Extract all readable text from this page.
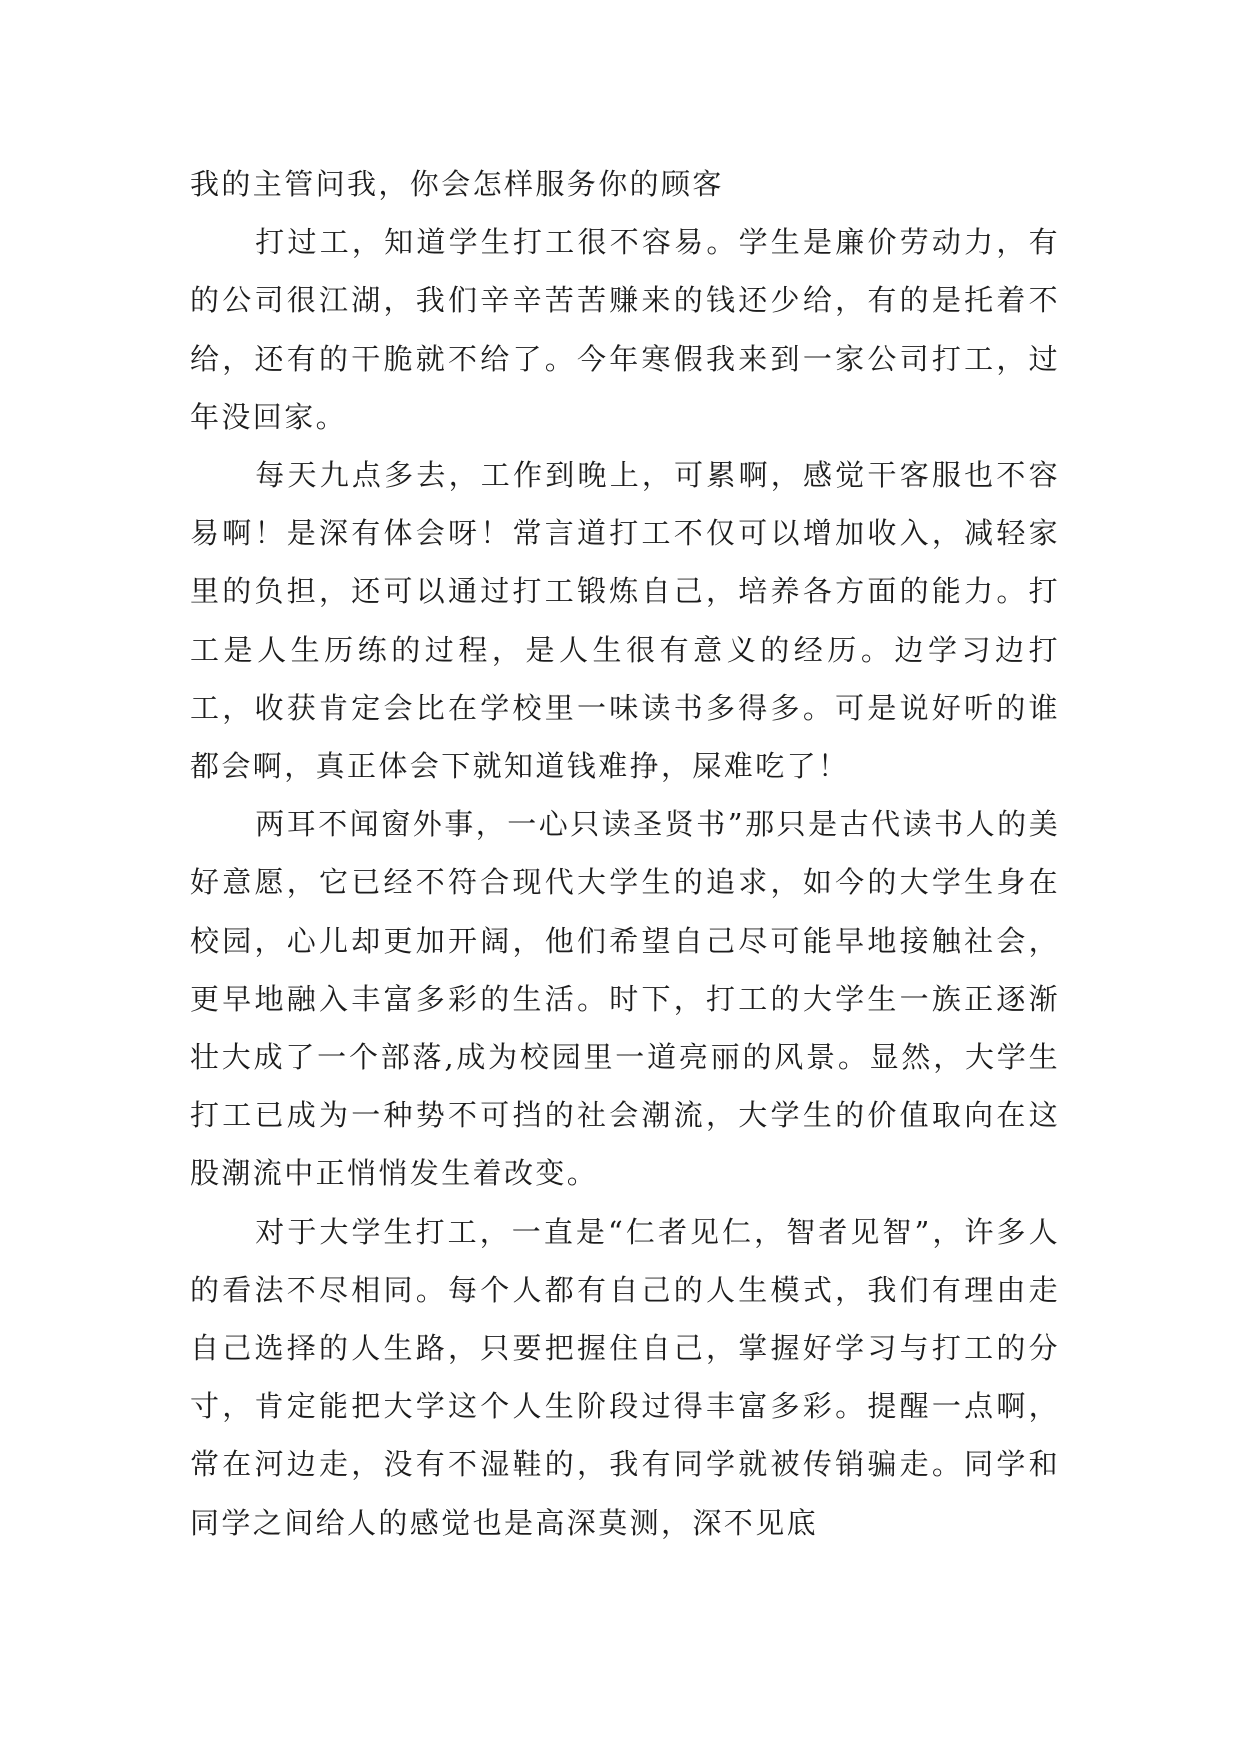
我的主管问我，你会怎样服务你的顾客

打过工，知道学生打工很不容易。学生是廉价劳动力，有的公司很江湖，我们辛辛苦苦赚来的钱还少给，有的是托着不给，还有的干脆就不给了。今年寒假我来到一家公司打工，过年没回家。

每天九点多去，工作到晚上，可累啊，感觉干客服也不容易啊！是深有体会呀！常言道打工不仅可以增加收入，减轻家里的负担，还可以通过打工锻炼自己，培养各方面的能力。打工是人生历练的过程，是人生很有意义的经历。边学习边打工，收获肯定会比在学校里一味读书多得多。可是说好听的谁都会啊，真正体会下就知道钱难挣，屎难吃了！

两耳不闻窗外事，一心只读圣贤书”那只是古代读书人的美好意愿，它已经不符合现代大学生的追求，如今的大学生身在校园，心儿却更加开阔，他们希望自己尽可能早地接触社会，更早地融入丰富多彩的生活。时下，打工的大学生一族正逐渐壮大成了一个部落,成为校园里一道亮丽的风景。显然，大学生打工已成为一种势不可挡的社会潮流，大学生的价值取向在这股潮流中正悄悄发生着改变。

对于大学生打工，一直是“仁者见仁，智者见智”，许多人的看法不尽相同。每个人都有自己的人生模式，我们有理由走自己选择的人生路，只要把握住自己，掌握好学习与打工的分寸，肯定能把大学这个人生阶段过得丰富多彩。提醒一点啊，常在河边走，没有不湿鞋的，我有同学就被传销骗走。同学和同学之间给人的感觉也是高深莫测，深不见底
